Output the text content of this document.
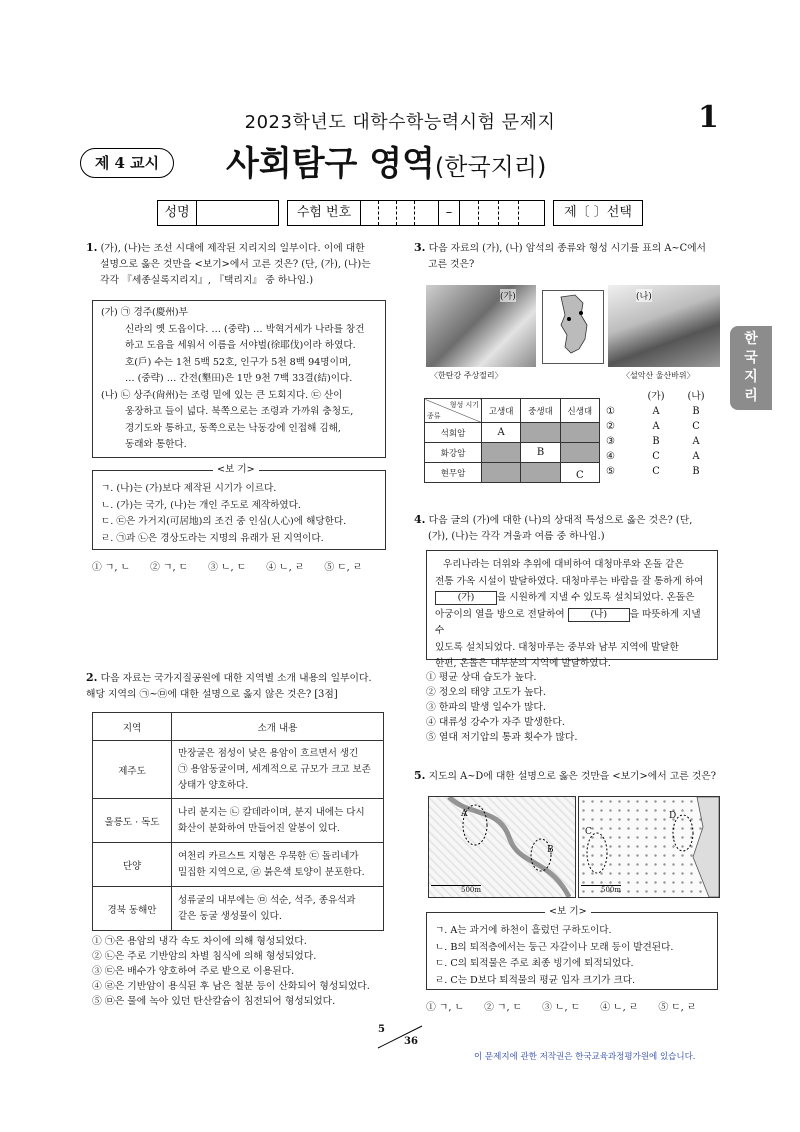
2023학년도 대학수학능력시험 문제지	1
제 4 교시	사회탐구 영역(한국지리)
성명	수험 번호	–	제〔 〕선택
한국지리
1. (가), (나)는 조선 시대에 제작된 지리지의 일부이다. 이에 대한
설명으로 옳은 것만을 <보기>에서 고른 것은? (단, (가), (나)는
각각 『세종실록지리지』, 『택리지』 중 하나임.)
(가) ㉠ 경주(慶州)부
신라의 옛 도읍이다. … (중략) … 박혁거세가 나라를 창건
하고 도읍을 세워서 이름을 서야벌(徐耶伐)이라 하였다.
호(戶) 수는 1천 5백 52호, 인구가 5천 8백 94명이며,
… (중략) … 간전(墾田)은 1만 9천 7백 33결(結)이다.
(나) ㉡ 상주(尙州)는 조령 밑에 있는 큰 도회지다. ㉢ 산이
웅장하고 들이 넓다. 북쪽으로는 조령과 가까워 충청도,
경기도와 통하고, 동쪽으로는 낙동강에 인접해 김해,
동래와 통한다.
<보 기>
ㄱ. (나)는 (가)보다 제작된 시기가 이르다.
ㄴ. (가)는 국가, (나)는 개인 주도로 제작하였다.
ㄷ. ㉢은 가거지(可居地)의 조건 중 인심(人心)에 해당한다.
ㄹ. ㉠과 ㉡은 경상도라는 지명의 유래가 된 지역이다.
① ㄱ, ㄴ ② ㄱ, ㄷ ③ ㄴ, ㄷ ④ ㄴ, ㄹ ⑤ ㄷ, ㄹ
2. 다음 자료는 국가지질공원에 대한 지역별 소개 내용의 일부이다.
해당 지역의 ㉠~㉤에 대한 설명으로 옳지 않은 것은? [3점]
지역	소개 내용
제주도	만장굴은 점성이 낮은 용암이 흐르면서 생긴
㉠ 용암동굴이며, 세계적으로 규모가 크고 보존
상태가 양호하다.

울릉도 · 독도	나리 분지는 ㉡ 칼데라이며, 분지 내에는 다시
화산이 분화하여 만들어진 알봉이 있다.

단양	여천리 카르스트 지형은 우묵한 ㉢ 돌리네가
밀집한 지역으로, ㉣ 붉은색 토양이 분포한다.

경북 동해안	성류굴의 내부에는 ㉤ 석순, 석주, 종유석과
같은 동굴 생성물이 있다.
① ㉠은 용암의 냉각 속도 차이에 의해 형성되었다.
② ㉡은 주로 기반암의 차별 침식에 의해 형성되었다.
③ ㉢은 배수가 양호하여 주로 밭으로 이용된다.
④ ㉣은 기반암이 용식된 후 남은 철분 등이 산화되어 형성되었다.
⑤ ㉤은 물에 녹아 있던 탄산칼슘이 침전되어 형성되었다.
3. 다음 자료의 (가), (나) 암석의 종류와 형성 시기를 표의 A~C에서
고른 것은?
(가)	(나)
〈한탄강 주상절리〉	〈설악산 울산바위〉
형성 시기
종류	고생대	중생대	신생대
석회암	A		
화강암		B	
현무암			C
(가)	(나)
①	A	B
②	A	C
③	B	A
④	C	A
⑤	C	B
4. 다음 글의 (가)에 대한 (나)의 상대적 특성으로 옳은 것은? (단,
(가), (나)는 각각 겨울과 여름 중 하나임.)
우리나라는 더위와 추위에 대비하여 대청마루와 온돌 같은
전통 가옥 시설이 발달하였다. 대청마루는 바람을 잘 통하게 하여
(가) 을 시원하게 지낼 수 있도록 설치되었다. 온돌은
아궁이의 열을 방으로 전달하여	(나) 을 따뜻하게 지낼 수
있도록 설치되었다. 대청마루는 중부와 남부 지역에 발달한
한편, 온돌은 대부분의 지역에 발달하였다.
① 평균 상대 습도가 높다.
② 정오의 태양 고도가 높다.
③ 한파의 발생 일수가 많다.
④ 대류성 강수가 자주 발생한다.
⑤ 열대 저기압의 통과 횟수가 많다.
5. 지도의 A~D에 대한 설명으로 옳은 것만을 <보기>에서 고른 것은?
A
B
500m
C
D
500m
<보 기>
ㄱ. A는 과거에 하천이 흘렀던 구하도이다.
ㄴ. B의 퇴적층에서는 둥근 자갈이나 모래 등이 발견된다.
ㄷ. C의 퇴적물은 주로 최종 빙기에 퇴적되었다.
ㄹ. C는 D보다 퇴적물의 평균 입자 크기가 크다.
① ㄱ, ㄴ ② ㄱ, ㄷ ③ ㄴ, ㄷ ④ ㄴ, ㄹ ⑤ ㄷ, ㄹ
5
36
이 문제지에 관한 저작권은 한국교육과정평가원에 있습니다.
